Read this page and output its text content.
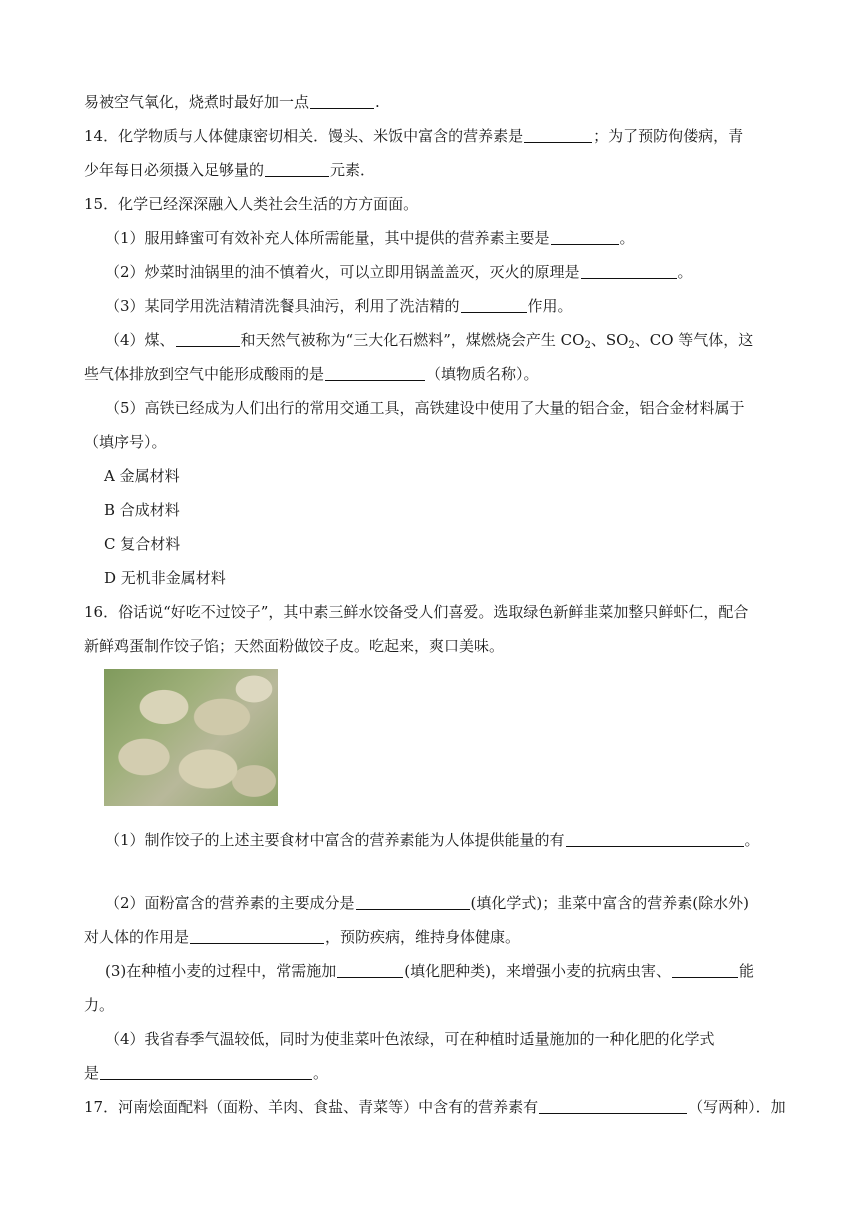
易被空气氧化，烧煮时最好加一点	.
14．化学物质与人体健康密切相关．馒头、米饭中富含的营养素是	；为了预防佝偻病，青
少年每日必须摄入足够量的	元素．
15．化学已经深深融入人类社会生活的方方面面。
（1）服用蜂蜜可有效补充人体所需能量，其中提供的营养素主要是	。
（2）炒菜时油锅里的油不慎着火，可以立即用锅盖盖灭，灭火的原理是	。
（3）某同学用洗洁精清洗餐具油污，利用了洗洁精的	作用。
（4）煤、	和天然气被称为“三大化石燃料”，煤燃烧会产生 $CO_2$、$SO_2$、CO 等气体，这
些气体排放到空气中能形成酸雨的是	（填物质名称）。
（5）高铁已经成为人们出行的常用交通工具，高铁建设中使用了大量的铝合金，铝合金材料属于
（填序号）。
A 金属材料
B 合成材料
C 复合材料
D 无机非金属材料
16．俗话说“好吃不过饺子”，其中素三鲜水饺备受人们喜爱。选取绿色新鲜韭菜加整只鲜虾仁，配合
新鲜鸡蛋制作饺子馅；天然面粉做饺子皮。吃起来，爽口美味。
（1）制作饺子的上述主要食材中富含的营养素能为人体提供能量的有	。
（2）面粉富含的营养素的主要成分是	(填化学式)；韭菜中富含的营养素(除水外)
对人体的作用是	，预防疾病，维持身体健康。
(3)在种植小麦的过程中，常需施加	(填化肥种类)，来增强小麦的抗病虫害、	能
力。
（4）我省春季气温较低，同时为使韭菜叶色浓绿，可在种植时适量施加的一种化肥的化学式
是	。
17．河南烩面配料（面粉、羊肉、食盐、青菜等）中含有的营养素有	（写两种）．加
